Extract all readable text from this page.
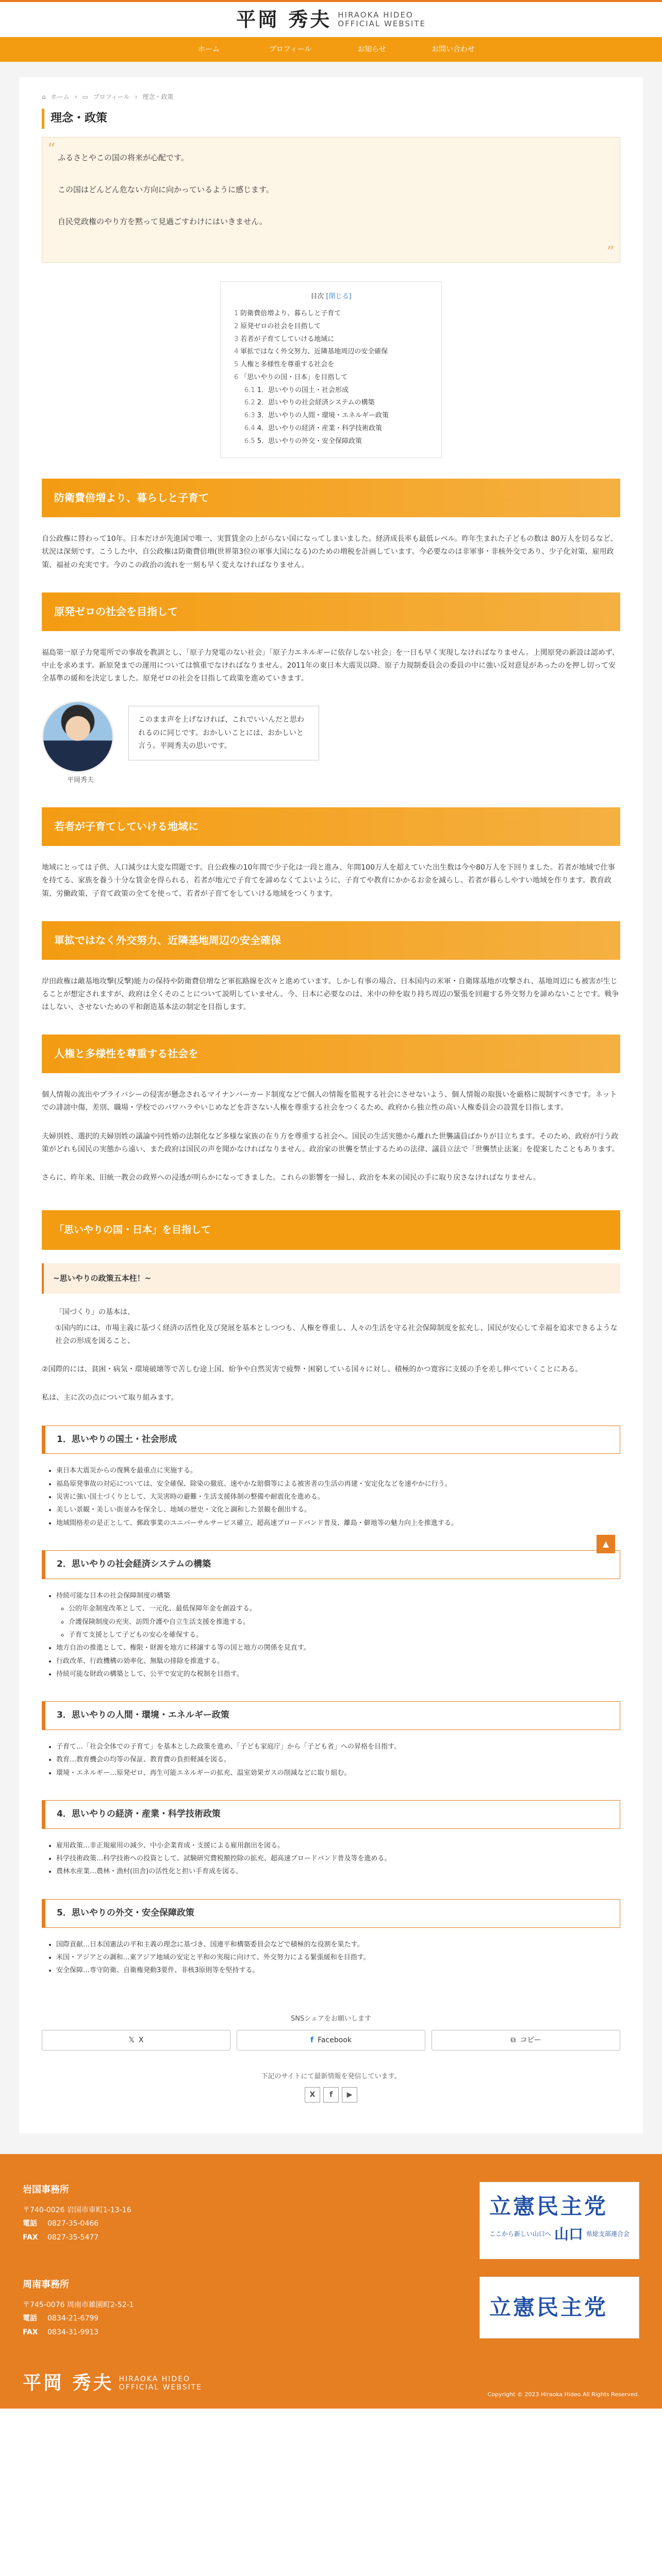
平岡 秀夫 HIRAOKA HIDEO
OFFICIAL WEBSITE
ホーム	プロフィール	お知らせ	お問い合わせ
⌂ ホーム › ▭ プロフィール › 理念・政策
理念・政策
“ ふるさとやこの国の将来が心配です。

この国はどんどん危ない方向に向かっているように感じます。

自民党政権のやり方を黙って見過ごすわけにはいきません。

”
目次 [閉じる]
1 防衛費倍増より、暮らしと子育て
2 原発ゼロの社会を目指して
3 若者が子育てしていける地域に
4 軍拡ではなく外交努力、近隣基地周辺の安全確保
5 人権と多様性を尊重する社会を
6 「思いやりの国・日本」を目指して
6.1 1．思いやりの国土・社会形成
6.2 2．思いやりの社会経済システムの構築
6.3 3．思いやりの人間・環境・エネルギー政策
6.4 4．思いやりの経済・産業・科学技術政策
6.5 5．思いやりの外交・安全保障政策
防衛費倍増より、暮らしと子育て

自公政権に替わって10年。日本だけが先進国で唯一、実質賃金の上がらない国になってしまいました。経済成長率も最低レベル。昨年生まれた子どもの数は 80万人を切るなど、状況は深刻です。こうした中、自公政権は防衛費倍増(世界第3位の軍事大国になる)のための増税を計画しています。今必要なのは非軍事・非核外交であり、少子化対策、雇用政策、福祉の充実です。今のこの政治の流れを一刻も早く変えなければなりません。

原発ゼロの社会を目指して

福島第一原子力発電所での事故を教訓とし、「原子力発電のない社会」「原子力エネルギーに依存しない社会」を一日も早く実現しなければなりません。上関原発の新設は認めず、中止を求めます。新原発までの運用については慎重でなければなりません。2011年の東日本大震災以降、原子力規制委員会の委員の中に強い反対意見があったのを押し切って安全基準の緩和を決定しました。原発ゼロの社会を目指して政策を進めていきます。

平岡秀夫
このまま声を上げなければ、これでいいんだと思われるのに同じです。おかしいことには、おかしいと言う。平岡秀夫の思いです。
若者が子育てしていける地域に

地域にとっては子供、人口減少は大変な問題です。自公政権の10年間で少子化は一段と進み、年間100万人を超えていた出生数は今や80万人を下回りました。若者が地域で仕事を持てる、家族を養う十分な賃金を得られる、若者が地元で子育てを諦めなくてよいように、子育てや教育にかかるお金を減らし、若者が暮らしやすい地域を作ります。教育政策、労働政策、子育て政策の全てを使って、若者が子育てをしていける地域をつくります。

軍拡ではなく外交努力、近隣基地周辺の安全確保

岸田政権は敵基地攻撃(反撃)能力の保持や防衛費倍増など軍拡路線を次々と進めています。しかし有事の場合、日本国内の米軍・自衛隊基地が攻撃され、基地周辺にも被害が生じることが想定されますが、政府は全くそのことについて説明していません。今、日本に必要なのは、米中の仲を取り持ち周辺の緊張を回避する外交努力を諦めないことです。戦争はしない、させないための平和創造基本法の制定を目指します。

人権と多様性を尊重する社会を

個人情報の流出やプライバシーの侵害が懸念されるマイナンバーカード制度などで個人の情報を監視する社会にさせないよう、個人情報の取扱いを厳格に規制すべきです。ネットでの誹謗中傷、差別、職場・学校でのパワハラやいじめなどを許さない人権を尊重する社会をつくるため、政府から独立性の高い人権委員会の設置を目指します。

夫婦別姓、選択的夫婦別姓の議論や同性婚の法制化など多様な家族の在り方を尊重する社会へ。国民の生活実態から離れた世襲議員ばかりが目立ちます。そのため、政府が行う政策がどれも国民の実態から遠い、また政府は国民の声を聞かなければなりません。政治家の世襲を禁止するための法律、議員立法で「世襲禁止法案」を提案したこともあります。

さらに、昨年来、旧統一教会の政界への浸透が明らかになってきました。これらの影響を一掃し、政治を本来の国民の手に取り戻さなければなりません。

「思いやりの国・日本」を目指して
~思いやりの政策五本柱！~

「国づくり」の基本は、

①国内的には、市場主義に基づく経済の活性化及び発展を基本としつつも、人権を尊重し、人々の生活を守る社会保障制度を拡充し、国民が安心して幸福を追求できるような社会の形成を図ること、

②国際的には、貧困・病気・環境破壊等で苦しむ途上国、紛争や自然災害で疲弊・困窮している国々に対し、積極的かつ寛容に支援の手を差し伸べていくことにある。

私は、主に次の点について取り組みます。

1．思いやりの国土・社会形成
• 東日本大震災からの復興を最重点に実施する。
• 福島原発事故の対応については、安全確保、除染の徹底、速やかな賠償等による被害者の生活の再建・安定化などを速やかに行う。
• 災害に強い国土づくりとして、大災害時の避難・生活支援体制の整備や耐震化を進める。
• 美しい景観・美しい街並みを保全し、地域の歴史・文化と調和した景観を創出する。
• 地域間格差の是正として、郵政事業のユニバーサルサービス確立、超高速ブロードバンド普及、離島・僻地等の魅力向上を推進する。
▲
2．思いやりの社会経済システムの構築
• 持続可能な日本の社会保障制度の構築
◦ 公的年金制度改革として、一元化、最低保障年金を創設する。
◦ 介護保険制度の充実、訪問介護や自立生活支援を推進する。
◦ 子育て支援として子どもの安心を確保する。
• 地方自治の推進として、権限・財源を地方に移譲する等の国と地方の関係を見直す。
• 行政改革、行政機構の効率化、無駄の排除を推進する。
• 持続可能な財政の構築として、公平で安定的な税制を目指す。
3．思いやりの人間・環境・エネルギー政策
• 子育て…「社会全体での子育て」を基本とした政策を進め、「子ども家庭庁」から「子ども省」への昇格を目指す。
• 教育…教育機会の均等の保証、教育費の負担軽減を図る。
• 環境・エネルギー…原発ゼロ、再生可能エネルギーの拡充、温室効果ガスの削減などに取り組む。
4．思いやりの経済・産業・科学技術政策
• 雇用政策…非正規雇用の減少、中小企業育成・支援による雇用創出を図る。
• 科学技術政策…科学技術への投資として、試験研究費税額控除の拡充、超高速ブロードバンド普及等を進める。
• 農林水産業…農林・漁村(田舎)の活性化と担い手育成を図る。
5．思いやりの外交・安全保障政策
• 国際貢献…日本国憲法の平和主義の理念に基づき、国連平和構築委員会などで積極的な役割を果たす。
• 米国・アジアとの調和…東アジア地域の安定と平和の実現に向けて、外交努力による緊張緩和を目指す。
• 安全保障…専守防衛、自衛権発動3要件、非核3原則等を堅持する。
SNSシェアをお願いします
𝕏 X	f Facebook	⧉ コピー
下記のサイトにて最新情報を発信しています。
X	f	▶
岩国事務所
〒740-0026 岩国市車町1-13-16
電話 0827-35-0466
FAX 0827-35-5477
立憲民主党
ここから新しい山口へ 山口 県総支部連合会
周南事務所
〒745-0076 周南市雑園町2-52-1
電話 0834-21-6799
FAX 0834-31-9913
立憲民主党
平岡 秀夫 HIRAOKA HIDEO
OFFICIAL WEBSITE
Copyright © 2023 Hiraoka Hideo All Rights Reserved.
